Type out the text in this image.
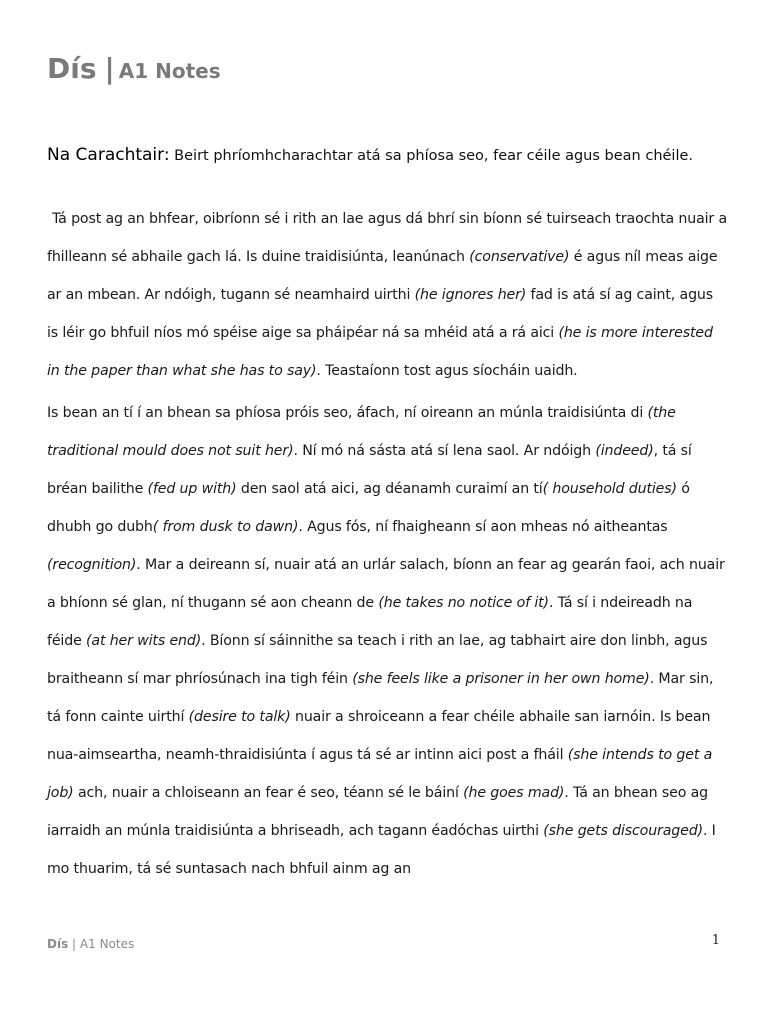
Dís | A1 Notes
Na Carachtair: Beirt phríomhcharachtar atá sa phíosa seo, fear céile agus bean chéile.

Tá post ag an bhfear, oibríonn sé i rith an lae agus dá bhrí sin bíonn sé tuirseach traochta nuair a fhilleann sé abhaile gach lá. Is duine traidisiúnta, leanúnach (conservative) é agus níl meas aige ar an mbean. Ar ndóigh, tugann sé neamhaird uirthi (he ignores her) fad is atá sí ag caint, agus is léir go bhfuil níos mó spéise aige sa pháipéar ná sa mhéid atá a rá aici (he is more interested in the paper than what she has to say). Teastaíonn tost agus síocháin uaidh.

Is bean an tí í an bhean sa phíosa próis seo, áfach, ní oireann an múnla traidisiúnta di (the traditional mould does not suit her). Ní mó ná sásta atá sí lena saol. Ar ndóigh (indeed), tá sí bréan bailithe (fed up with) den saol atá aici, ag déanamh curaimí an tí( household duties) ó dhubh go dubh( from dusk to dawn). Agus fós, ní fhaigheann sí aon mheas nó aitheantas (recognition). Mar a deireann sí, nuair atá an urlár salach, bíonn an fear ag gearán faoi, ach nuair a bhíonn sé glan, ní thugann sé aon cheann de (he takes no notice of it). Tá sí i ndeireadh na féide (at her wits end). Bíonn sí sáinnithe sa teach i rith an lae, ag tabhairt aire don linbh, agus braitheann sí mar phríosúnach ina tigh féin (she feels like a prisoner in her own home). Mar sin, tá fonn cainte uirthí (desire to talk) nuair a shroiceann a fear chéile abhaile san iarnóin. Is bean nua-aimseartha, neamh-thraidisiúnta í agus tá sé ar intinn aici post a fháil (she intends to get a job) ach, nuair a chloiseann an fear é seo, téann sé le báiní (he goes mad). Tá an bhean seo ag iarraidh an múnla traidisiúnta a bhriseadh, ach tagann éadóchas uirthi (she gets discouraged). I mo thuarim, tá sé suntasach nach bhfuil ainm ag an

Dís | A1 Notes	1
